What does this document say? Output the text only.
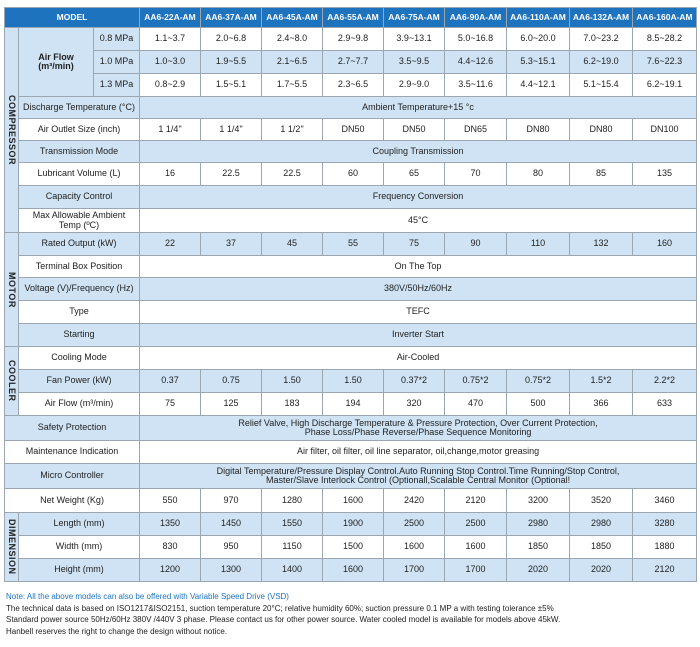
MODEL			AA6-22A-AM	AA6-37A-AM	AA6-45A-AM	AA6-55A-AM	AA6-75A-AM	AA6-90A-AM	AA6-110A-AM	AA6-132A-AM	AA6-160A-AM
COMPRESSOR	Air Flow (m³/min)	0.8 MPa	1.1~3.7	2.0~6.8	2.4~8.0	2.9~9.8	3.9~13.1	5.0~16.8	6.0~20.0	7.0~23.2	8.5~28.2
		1.0 MPa	1.0~3.0	1.9~5.5	2.1~6.5	2.7~7.7	3.5~9.5	4.4~12.6	5.3~15.1	6.2~19.0	7.6~22.3
		1.3 MPa	0.8~2.9	1.5~5.1	1.7~5.5	2.3~6.5	2.9~9.0	3.5~11.6	4.4~12.1	5.1~15.4	6.2~19.1
	Discharge Temperature (°C)		Ambient Temperature+15 °c								
	Air Outlet Size (inch)		1 1/4"	1 1/4"	1 1/2"	DN50	DN50	DN65	DN80	DN80	DN100
	Transmission Mode		Coupling Transmission								
	Lubricant Volume (L)		16	22.5	22.5	60	65	70	80	85	135
	Capacity Control		Frequency Conversion								
	Max Allowable Ambient Temp (ºC)		45°C								
MOTOR	Rated Output (kW)		22	37	45	55	75	90	110	132	160
	Terminal Box Position		On The Top								
	Voltage (V)/Frequency (Hz)		380V/50Hz/60Hz								
	Type		TEFC								
	Starting		Inverter Start								
COOLER	Cooling Mode		Air-Cooled								
	Fan Power (kW)		0.37	0.75	1.50	1.50	0.37*2	0.75*2	0.75*2	1.5*2	2.2*2
	Air Flow (m³/min)		75	125	183	194	320	470	500	366	633
Safety Protection			Relief Valve, High Discharge Temperature & Pressure Protection, Over Current Protection,
Phase Loss/Phase Reverse/Phase Sequence Monitoring								
Maintenance Indication			Air filter, oil filter, oil line separator, oil,change,motor greasing								
Micro Controller			Digital Temperature/Pressure Display Control.Auto Running Stop Control.Time Running/Stop Control,
Master/Slave Interlock Control (Optionall,Scalable Central Monitor (Optional!								
Net Weight (Kg)			550	970	1280	1600	2420	2120	3200	3520	3460
DIMENSION	Length (mm)		1350	1450	1550	1900	2500	2500	2980	2980	3280
	Width (mm)		830	950	1150	1500	1600	1600	1850	1850	1880
	Height (mm)		1200	1300	1400	1600	1700	1700	2020	2020	2120
Note: All the above models can also be offered with Variable Speed Drive (VSD)
The technical data is based on ISO1217&ISO2151, suction temperature 20°C; relative humidity 60%; suction pressure 0.1 MP a with testing tolerance ±5%
Standard power source 50Hz/60Hz 380V /440V 3 phase. Please contact us for other power source. Water cooled model is available for models above 45kW.
Hanbell reserves the right to change the design without notice.
